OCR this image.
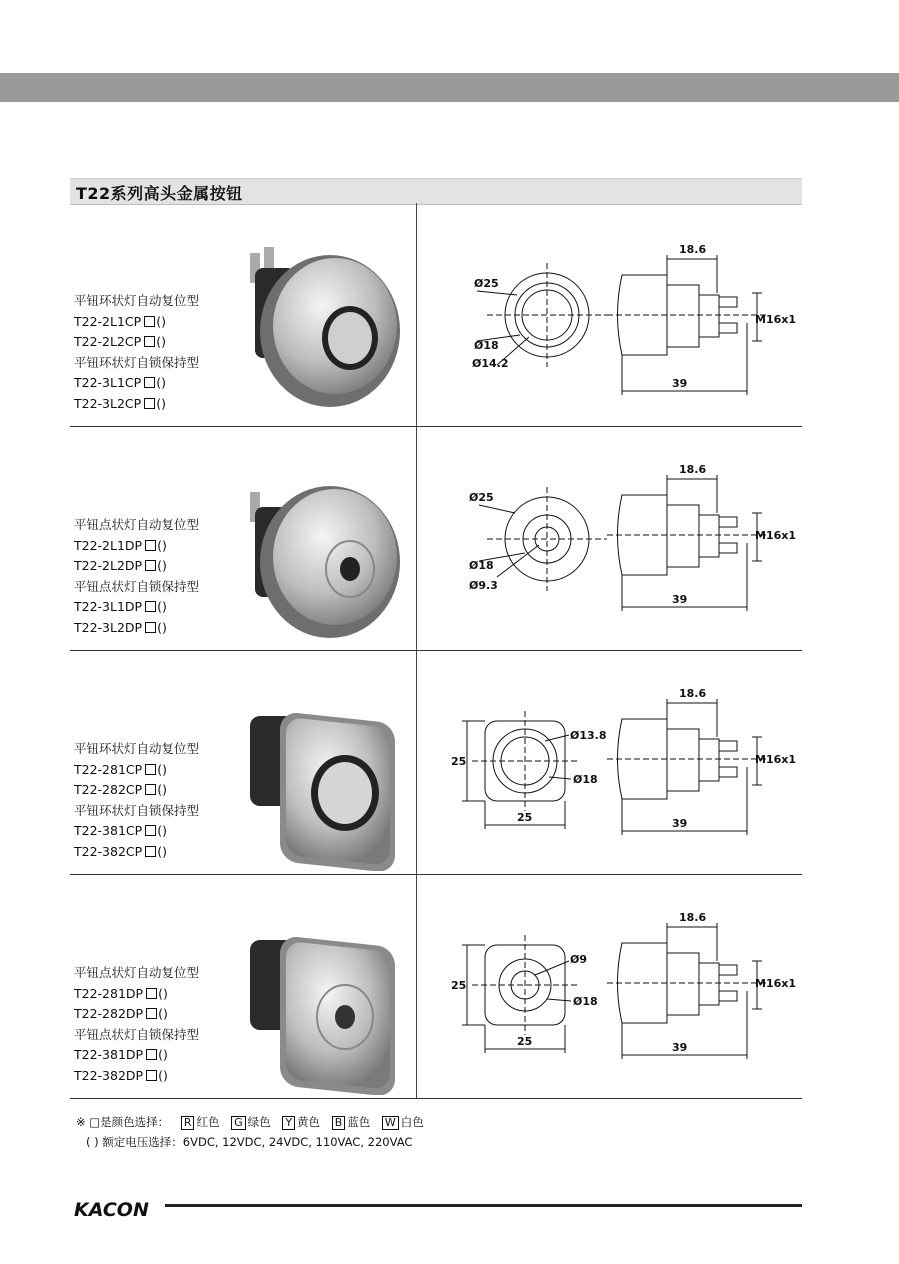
T22系列高头金属按钮
平钮环状灯自动复位型
T22-2L1CP ()
T22-2L2CP ()
平钮环状灯自锁保持型
T22-3L1CP ()
T22-3L2CP ()
18.6
39
M16x1
Ø25
Ø18
Ø14.2
平钮点状灯自动复位型
T22-2L1DP ()
T22-2L2DP ()
平钮点状灯自锁保持型
T22-3L1DP ()
T22-3L2DP ()
18.6
39
M16x1
Ø25
Ø18
Ø9.3
平钮环状灯自动复位型
T22-281CP ()
T22-282CP ()
平钮环状灯自锁保持型
T22-381CP ()
T22-382CP ()
18.6
39
M16x1
25
25
Ø13.8
Ø18
平钮点状灯自动复位型
T22-281DP ()
T22-282DP ()
平钮点状灯自锁保持型
T22-381DP ()
T22-382DP ()
18.6
39
M16x1
25
25
Ø9
Ø18
※ □是颜色选择： R 红色 G 绿色 Y 黄色 B 蓝色 W 白色
( ) 额定电压选择：6VDC, 12VDC, 24VDC, 110VAC, 220VAC
KACON
